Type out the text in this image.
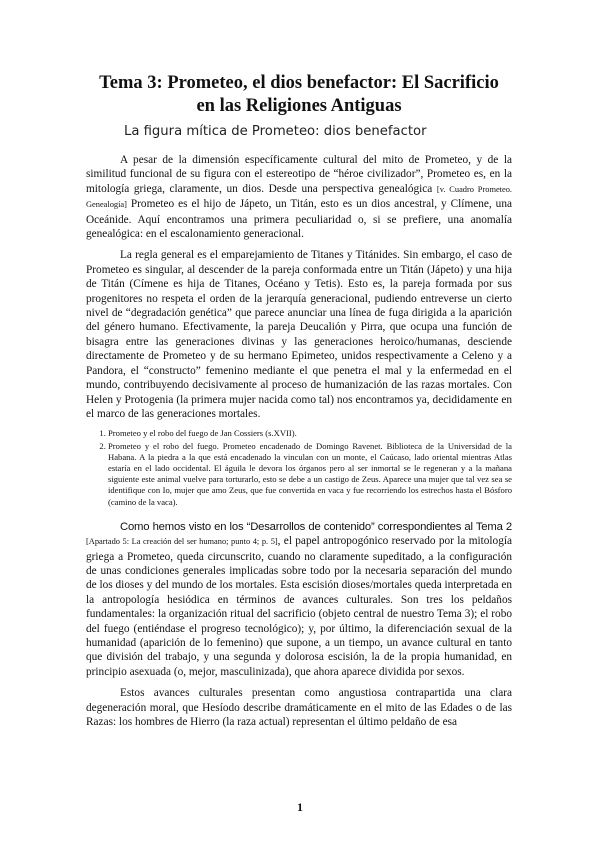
Tema 3: Prometeo, el dios benefactor: El Sacrificio en las Religiones Antiguas
La figura mítica de Prometeo: dios benefactor

A pesar de la dimensión específicamente cultural del mito de Prometeo, y de la similitud funcional de su figura con el estereotipo de “héroe civilizador”, Prometeo es, en la mitología griega, claramente, un dios. Desde una perspectiva genealógica [v. Cuadro Prometeo. Genealogía] Prometeo es el hijo de Jápeto, un Titán, esto es un dios ancestral, y Clímene, una Oceánide. Aquí encontramos una primera peculiaridad o, si se prefiere, una anomalía genealógica: en el escalonamiento generacional.

La regla general es el emparejamiento de Titanes y Titánides. Sin embargo, el caso de Prometeo es singular, al descender de la pareja conformada entre un Titán (Jápeto) y una hija de Titán (Címene es hija de Titanes, Océano y Tetis). Esto es, la pareja formada por sus progenitores no respeta el orden de la jerarquía generacional, pudiendo entreverse un cierto nivel de “degradación genética” que parece anunciar una línea de fuga dirigida a la aparición del género humano. Efectivamente, la pareja Deucalión y Pirra, que ocupa una función de bisagra entre las generaciones divinas y las generaciones heroico/humanas, desciende directamente de Prometeo y de su hermano Epimeteo, unidos respectivamente a Celeno y a Pandora, el “constructo” femenino mediante el que penetra el mal y la enfermedad en el mundo, contribuyendo decisivamente al proceso de humanización de las razas mortales. Con Helen y Protogenia (la primera mujer nacida como tal) nos encontramos ya, decididamente en el marco de las generaciones mortales.

1. Prometeo y el robo del fuego de Jan Cossiers (s.XVII).
2. Prometeo y el robo del fuego. Prometeo encadenado de Domingo Ravenet. Biblioteca de la Universidad de la Habana. A la piedra a la que está encadenado la vinculan con un monte, el Caúcaso, lado oriental mientras Atlas estaría en el lado occidental. El águila le devora los órganos pero al ser inmortal se le regeneran y a la mañana siguiente este animal vuelve para torturarlo, esto se debe a un castigo de Zeus. Aparece una mujer que tal vez sea se identifique con Io, mujer que amo Zeus, que fue convertida en vaca y fue recorriendo los estrechos hasta el Bósforo (camino de la vaca).

Como hemos visto en los “Desarrollos de contenido” correspondientes al Tema 2 [Apartado 5: La creación del ser humano; punto 4; p. 5], el papel antropogónico reservado por la mitología griega a Prometeo, queda circunscrito, cuando no claramente supeditado, a la configuración de unas condiciones generales implicadas sobre todo por la necesaria separación del mundo de los dioses y del mundo de los mortales. Esta escisión dioses/mortales queda interpretada en la antropología hesiódica en términos de avances culturales. Son tres los peldaños fundamentales: la organización ritual del sacrificio (objeto central de nuestro Tema 3); el robo del fuego (entiéndase el progreso tecnológico); y, por último, la diferenciación sexual de la humanidad (aparición de lo femenino) que supone, a un tiempo, un avance cultural en tanto que división del trabajo, y una segunda y dolorosa escisión, la de la propia humanidad, en principio asexuada (o, mejor, masculinizada), que ahora aparece dividida por sexos.

Estos avances culturales presentan como angustiosa contrapartida una clara degeneración moral, que Hesíodo describe dramáticamente en el mito de las Edades o de las Razas: los hombres de Hierro (la raza actual) representan el último peldaño de esa

1
